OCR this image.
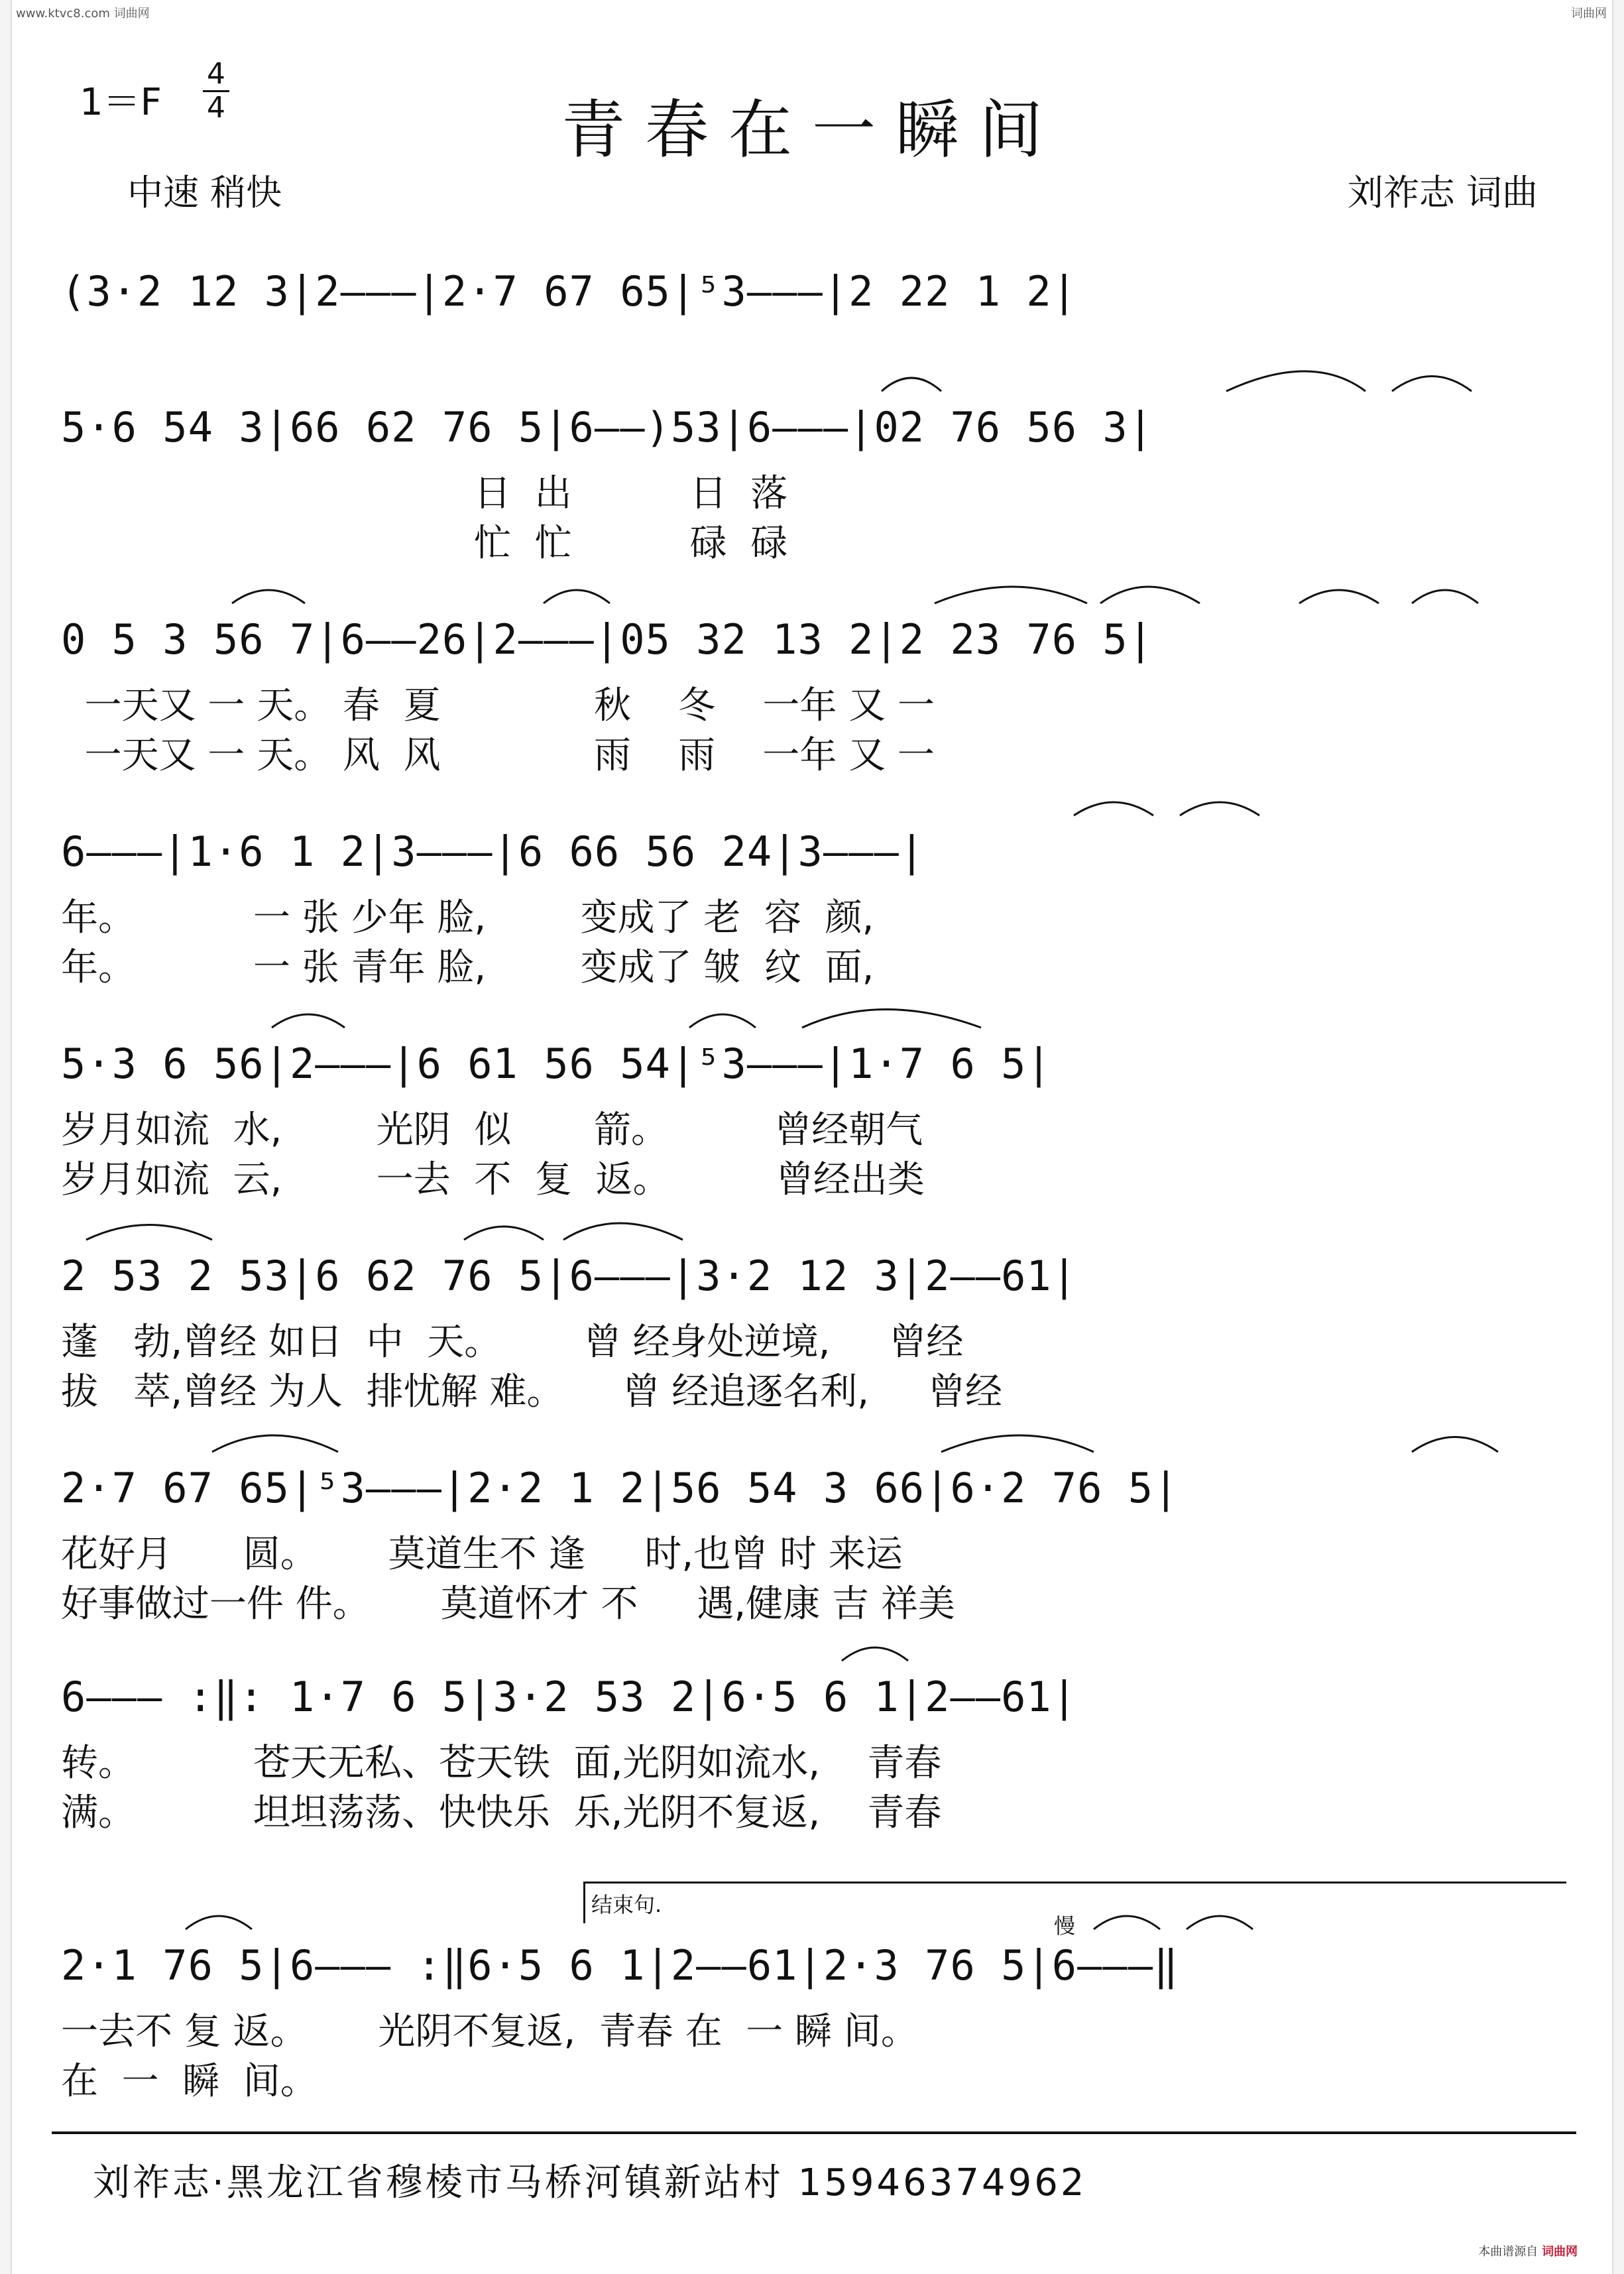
www.ktvc8.com 词曲网	词曲网
1＝F
4
4	青春在一瞬间
中速 稍快	刘祚志 词曲
(3·2 12 3|2———|2·7 67 65|⁵3———|2 22 1 2|
5·6 54 3|66 62 76 5|6——)53|6———|02 76 56 3|
日  出          日  落
忙  忙          碌  碌
0 5 3 56 7|6——26|2———|05 32 13 2|2 23 76 5|
一天又 一 天。 春  夏             秋    冬    一年 又 一
一天又 一 天。 风  风             雨    雨    一年 又 一
6———|1·6 1 2|3———|6 66 56 24|3———|
年。          一 张 少年 脸,        变成了 老  容  颜,
年。          一 张 青年 脸,        变成了 皱  纹  面,
5·3 6 56|2———|6 61 56 54|⁵3———|1·7 6 5|
岁月如流  水,        光阴  似       箭。         曾经朝气
岁月如流  云,        一去  不  复  返。         曾经出类
2 53 2 53|6 62 76 5|6———|3·2 12 3|2——61|
蓬   勃,曾经 如日  中  天。       曾 经身处逆境,     曾经
拔   萃,曾经 为人  排忧解 难。     曾 经追逐名利,     曾经
2·7 67 65|⁵3———|2·2 1 2|56 54 3 66|6·2 76 5|
花好月      圆。      莫道生不 逢     时,也曾 时 来运
好事做过一件 件。      莫道怀才 不     遇,健康 吉 祥美
6——— :‖: 1·7 6 5|3·2 53 2|6·5 6 1|2——61|
转。          苍天无私、苍天铁  面,光阴如流水,    青春
满。          坦坦荡荡、快快乐  乐,光阴不复返,    青春
结束句.
慢
2·1 76 5|6——— :‖6·5 6 1|2——61|2·3 76 5|6———‖
一去不 复 返。      光阴不复返,  青春 在  一 瞬 间。
在  一  瞬  间。
刘祚志·黑龙江省穆棱市马桥河镇新站村 15946374962
本曲谱源自 词曲网
